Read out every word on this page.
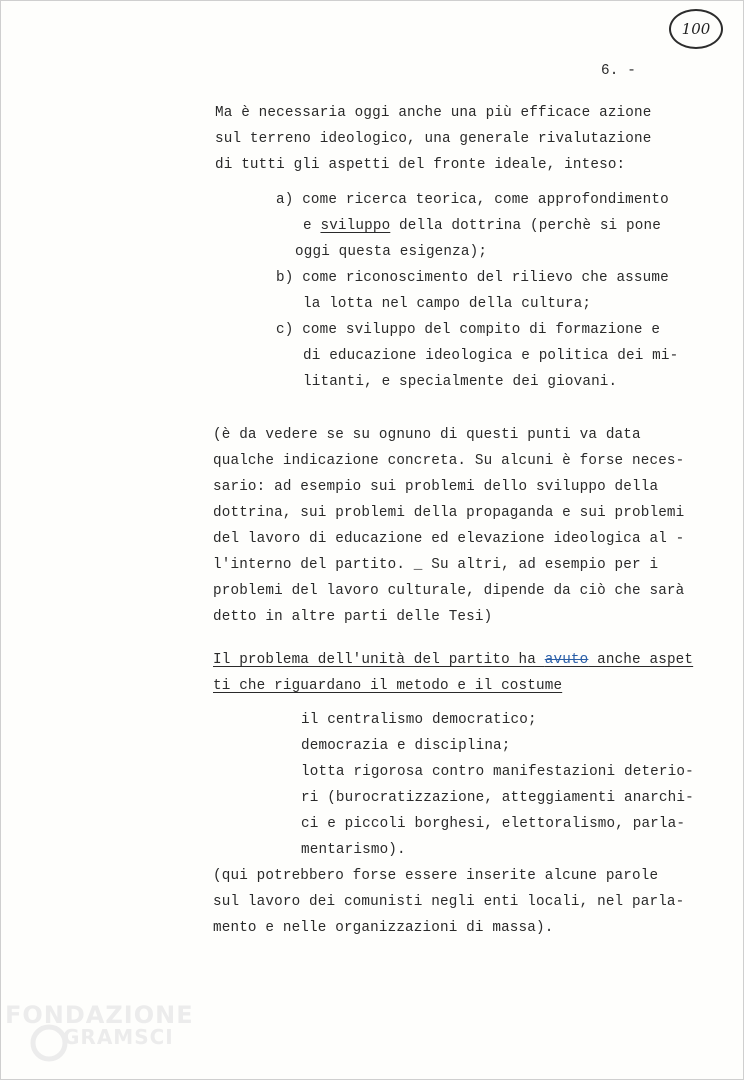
100
6. -
Ma è necessaria oggi anche una più efficace azione
sul terreno ideologico, una generale rivalutazione
di tutti gli aspetti del fronte ideale, inteso:
a) come ricerca teorica, come approfondimento
e sviluppo della dottrina (perchè si pone
oggi questa esigenza);
b) come riconoscimento del rilievo che assume
la lotta nel campo della cultura;
c) come sviluppo del compito di formazione e
di educazione ideologica e politica dei mi-
litanti, e specialmente dei giovani.
(è da vedere se su ognuno di questi punti va data
qualche indicazione concreta. Su alcuni è forse neces-
sario: ad esempio sui problemi dello sviluppo della
dottrina, sui problemi della propaganda e sui problemi
del lavoro di educazione ed elevazione ideologica al -
l'interno del partito. _ Su altri, ad esempio per i
problemi del lavoro culturale, dipende da ciò che sarà
detto in altre parti delle Tesi)
Il problema dell'unità del partito ha avuto anche aspet
ti che riguardano il metodo e il costume
il centralismo democratico;
democrazia e disciplina;
lotta rigorosa contro manifestazioni deterio-
ri (burocratizzazione, atteggiamenti anarchi-
ci e piccoli borghesi, elettoralismo, parla-
mentarismo).
(qui potrebbero forse essere inserite alcune parole
sul lavoro dei comunisti negli enti locali, nel parla-
mento e nelle organizzazioni di massa).
FONDAZIONE
GRAMSCI
